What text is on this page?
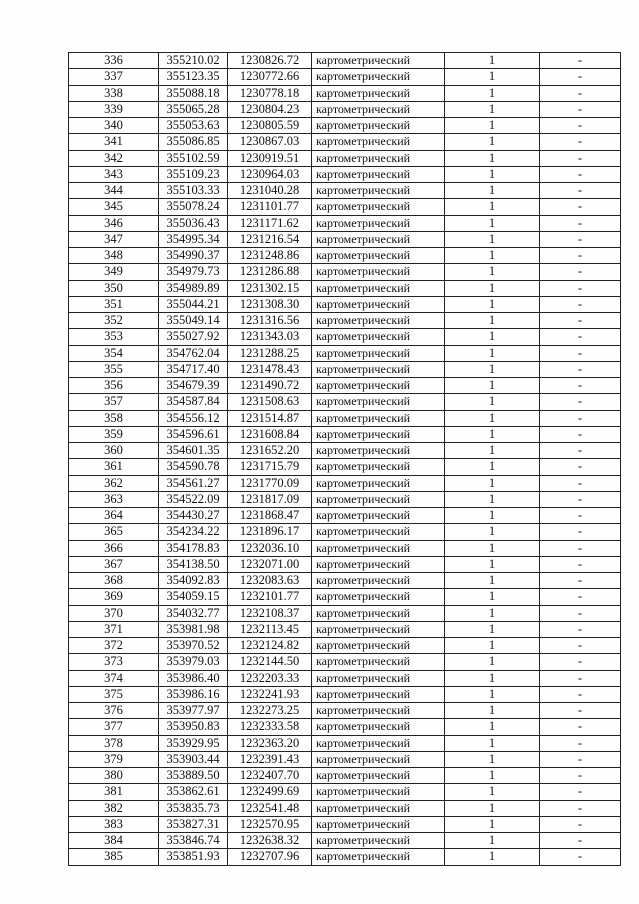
336	355210.02	1230826.72	картометрический	1	-
337	355123.35	1230772.66	картометрический	1	-
338	355088.18	1230778.18	картометрический	1	-
339	355065.28	1230804.23	картометрический	1	-
340	355053.63	1230805.59	картометрический	1	-
341	355086.85	1230867.03	картометрический	1	-
342	355102.59	1230919.51	картометрический	1	-
343	355109.23	1230964.03	картометрический	1	-
344	355103.33	1231040.28	картометрический	1	-
345	355078.24	1231101.77	картометрический	1	-
346	355036.43	1231171.62	картометрический	1	-
347	354995.34	1231216.54	картометрический	1	-
348	354990.37	1231248.86	картометрический	1	-
349	354979.73	1231286.88	картометрический	1	-
350	354989.89	1231302.15	картометрический	1	-
351	355044.21	1231308.30	картометрический	1	-
352	355049.14	1231316.56	картометрический	1	-
353	355027.92	1231343.03	картометрический	1	-
354	354762.04	1231288.25	картометрический	1	-
355	354717.40	1231478.43	картометрический	1	-
356	354679.39	1231490.72	картометрический	1	-
357	354587.84	1231508.63	картометрический	1	-
358	354556.12	1231514.87	картометрический	1	-
359	354596.61	1231608.84	картометрический	1	-
360	354601.35	1231652.20	картометрический	1	-
361	354590.78	1231715.79	картометрический	1	-
362	354561.27	1231770.09	картометрический	1	-
363	354522.09	1231817.09	картометрический	1	-
364	354430.27	1231868.47	картометрический	1	-
365	354234.22	1231896.17	картометрический	1	-
366	354178.83	1232036.10	картометрический	1	-
367	354138.50	1232071.00	картометрический	1	-
368	354092.83	1232083.63	картометрический	1	-
369	354059.15	1232101.77	картометрический	1	-
370	354032.77	1232108.37	картометрический	1	-
371	353981.98	1232113.45	картометрический	1	-
372	353970.52	1232124.82	картометрический	1	-
373	353979.03	1232144.50	картометрический	1	-
374	353986.40	1232203.33	картометрический	1	-
375	353986.16	1232241.93	картометрический	1	-
376	353977.97	1232273.25	картометрический	1	-
377	353950.83	1232333.58	картометрический	1	-
378	353929.95	1232363.20	картометрический	1	-
379	353903.44	1232391.43	картометрический	1	-
380	353889.50	1232407.70	картометрический	1	-
381	353862.61	1232499.69	картометрический	1	-
382	353835.73	1232541.48	картометрический	1	-
383	353827.31	1232570.95	картометрический	1	-
384	353846.74	1232638.32	картометрический	1	-
385	353851.93	1232707.96	картометрический	1	-
